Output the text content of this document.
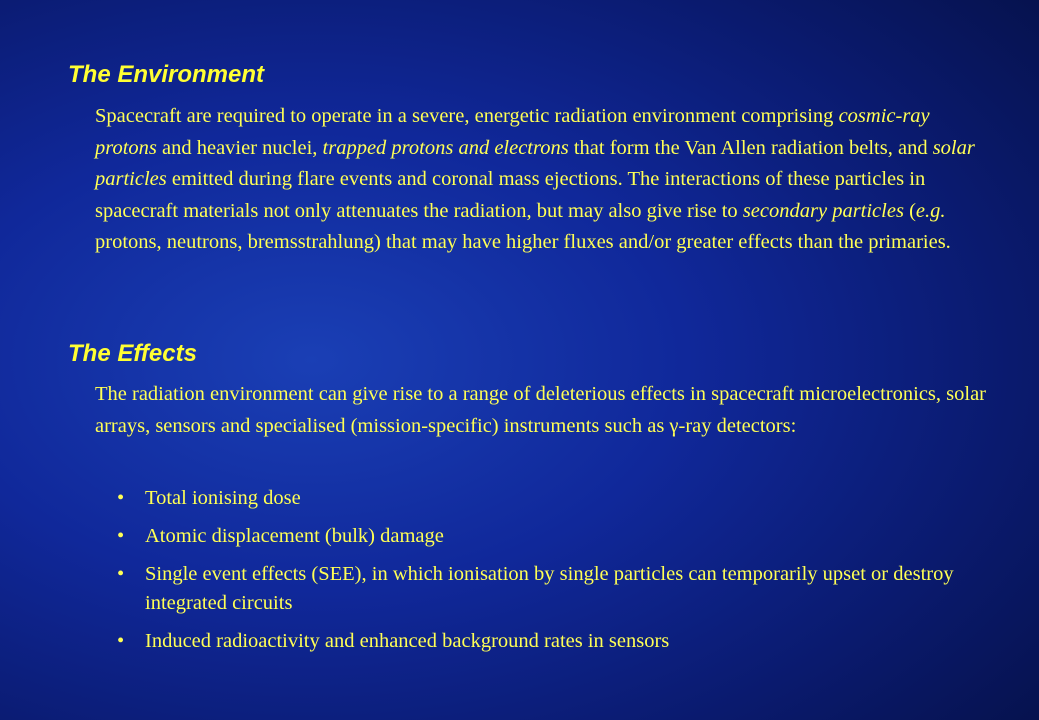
The Environment

Spacecraft are required to operate in a severe, energetic radiation environment comprising cosmic-ray protons and heavier nuclei, trapped protons and electrons that form the Van Allen radiation belts, and solar particles emitted during flare events and coronal mass ejections. The interactions of these particles in spacecraft materials not only attenuates the radiation, but may also give rise to secondary particles (e.g. protons, neutrons, bremsstrahlung) that may have higher fluxes and/or greater effects than the primaries.

The Effects

The radiation environment can give rise to a range of deleterious effects in spacecraft microelectronics, solar arrays, sensors and specialised (mission-specific) instruments such as γ-ray detectors:

• Total ionising dose
• Atomic displacement (bulk) damage
• Single event effects (SEE), in which ionisation by single particles can temporarily upset or destroy integrated circuits
• Induced radioactivity and enhanced background rates in sensors
